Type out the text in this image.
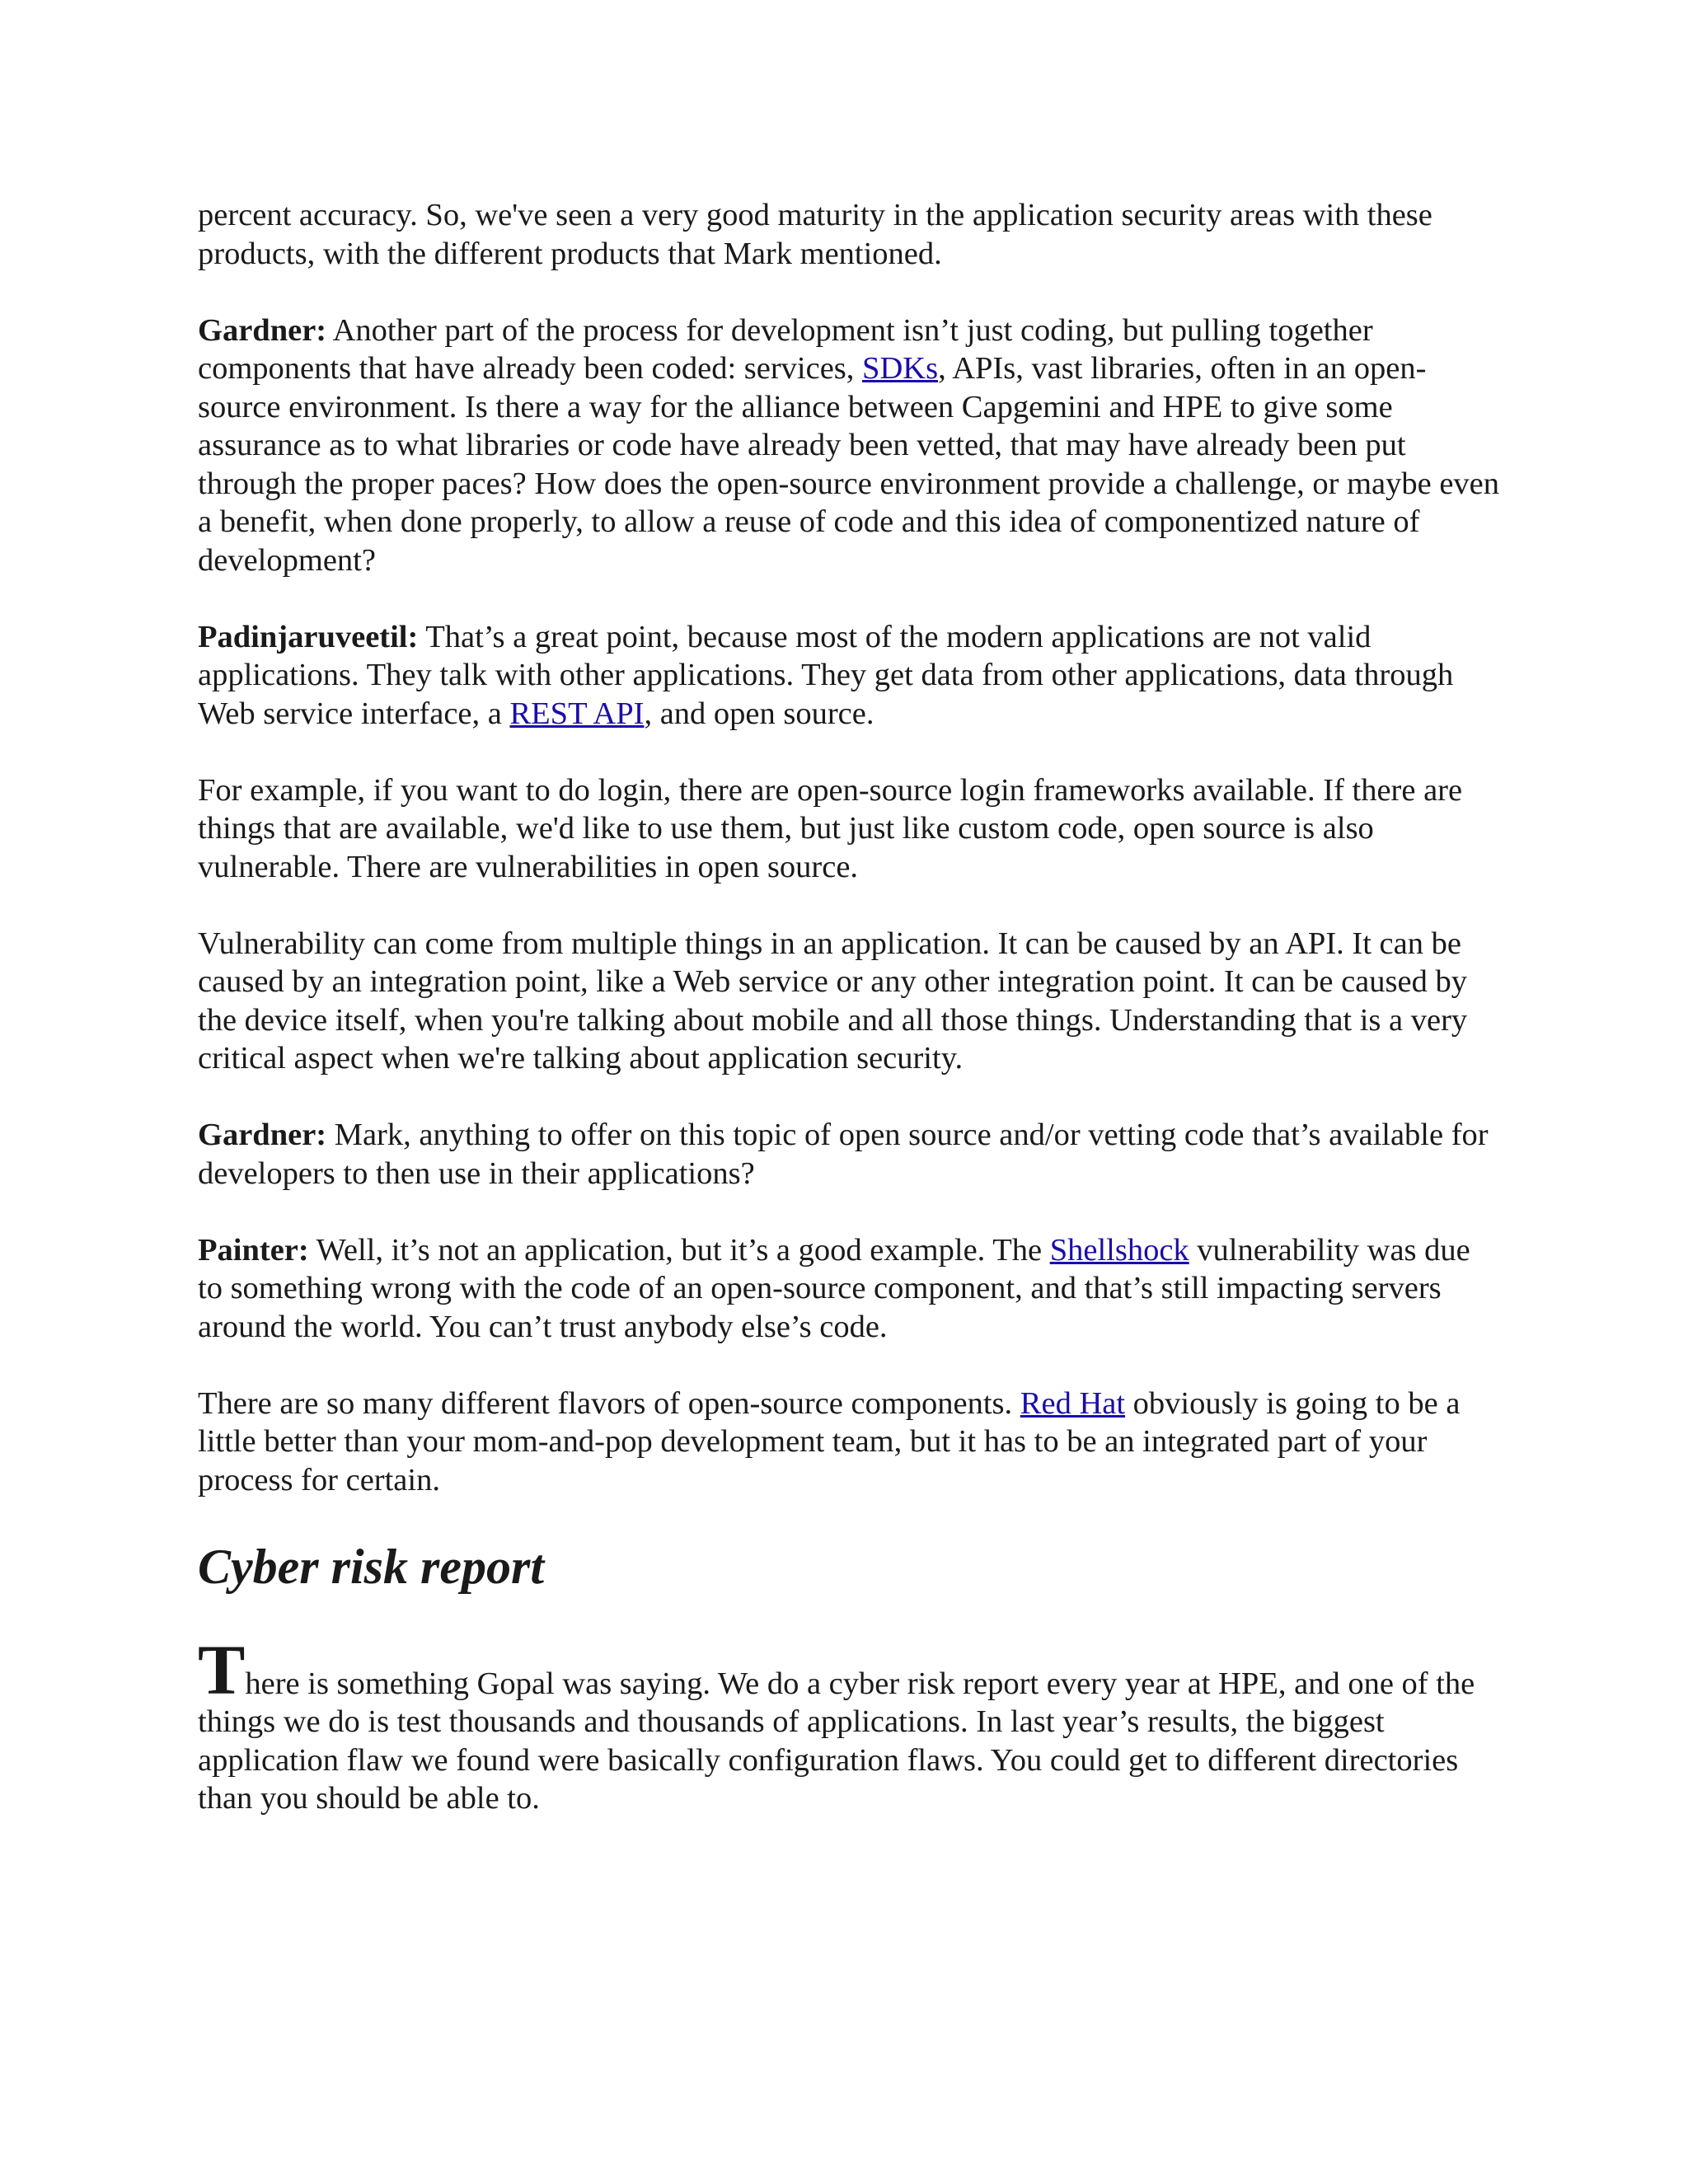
percent accuracy. So, we've seen a very good maturity in the application security areas with these products, with the different products that Mark mentioned.

Gardner: Another part of the process for development isn’t just coding, but pulling together components that have already been coded: services, SDKs, APIs, vast libraries, often in an open-source environment. Is there a way for the alliance between Capgemini and HPE to give some assurance as to what libraries or code have already been vetted, that may have already been put through the proper paces? How does the open-source environment provide a challenge, or maybe even a benefit, when done properly, to allow a reuse of code and this idea of componentized nature of development?

Padinjaruveetil: That’s a great point, because most of the modern applications are not valid applications. They talk with other applications. They get data from other applications, data through Web service interface, a REST API, and open source.

For example, if you want to do login, there are open-source login frameworks available. If there are things that are available, we'd like to use them, but just like custom code, open source is also vulnerable. There are vulnerabilities in open source.

Vulnerability can come from multiple things in an application. It can be caused by an API. It can be caused by an integration point, like a Web service or any other integration point. It can be caused by the device itself, when you're talking about mobile and all those things. Understanding that is a very critical aspect when we're talking about application security.

Gardner: Mark, anything to offer on this topic of open source and/or vetting code that’s available for developers to then use in their applications?

Painter: Well, it’s not an application, but it’s a good example. The Shellshock vulnerability was due to something wrong with the code of an open-source component, and that’s still impacting servers around the world. You can’t trust anybody else’s code.

There are so many different flavors of open-source components. Red Hat obviously is going to be a little better than your mom-and-pop development team, but it has to be an integrated part of your process for certain.

Cyber risk report

There is something Gopal was saying. We do a cyber risk report every year at HPE, and one of the things we do is test thousands and thousands of applications. In last year’s results, the biggest application flaw we found were basically configuration flaws. You could get to different directories than you should be able to.
